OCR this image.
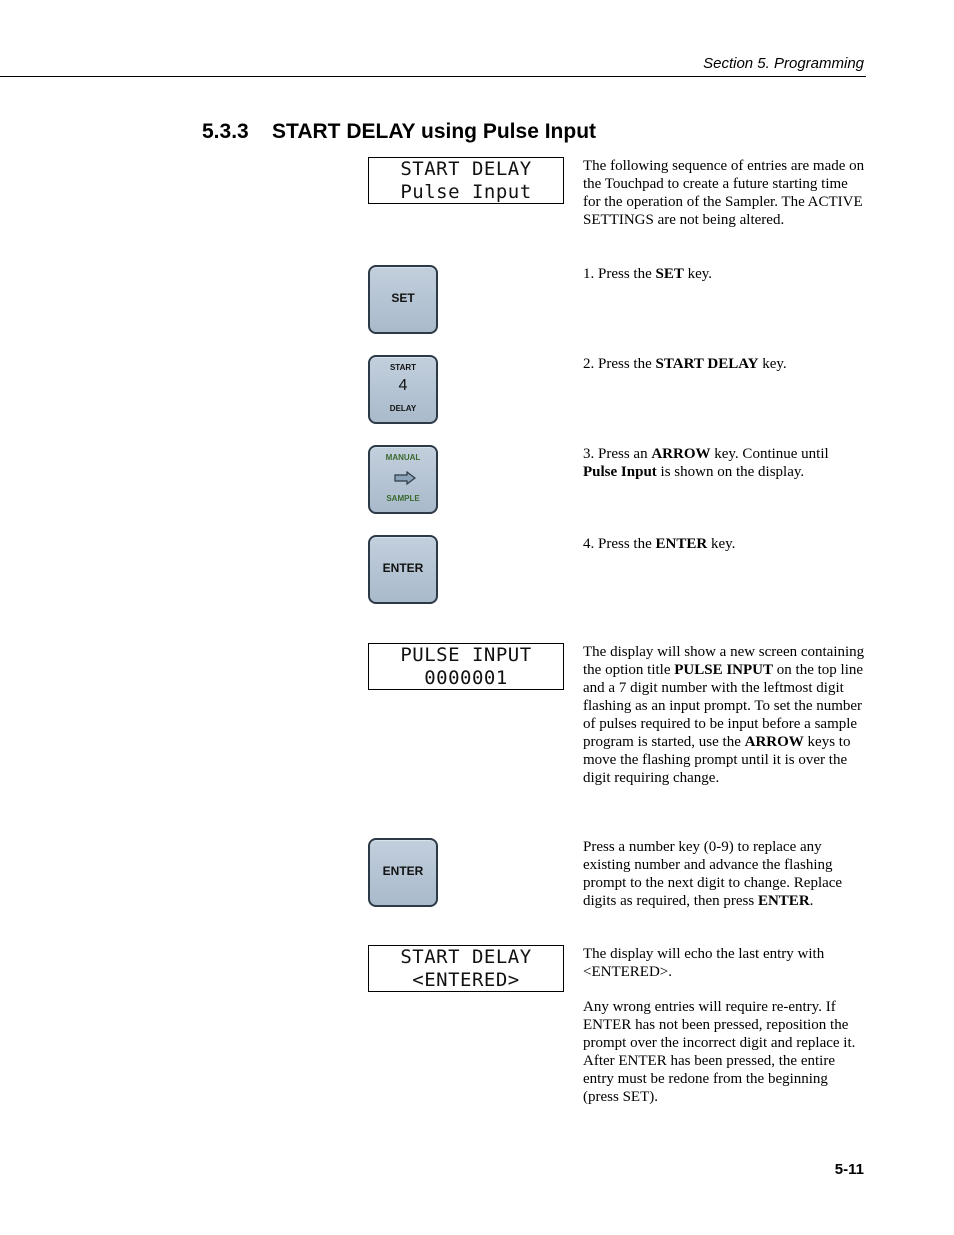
Section 5. Programming
5.3.3    START DELAY using Pulse Input
START DELAY
Pulse Input

The following sequence of entries are made on the Touchpad to create a future starting time for the operation of the Sampler. The ACTIVE SETTINGS are not being altered.

SET

1. Press the SET key.

START
4
DELAY

2. Press the START DELAY key.

MANUAL
SAMPLE

3. Press an ARROW key. Continue until Pulse Input is shown on the display.

ENTER

4. Press the ENTER key.

PULSE INPUT
0000001

The display will show a new screen containing the option title PULSE INPUT on the top line and a 7 digit number with the leftmost digit flashing as an input prompt. To set the number of pulses required to be input before a sample program is started, use the ARROW keys to move the flashing prompt until it is over the digit requiring change.

ENTER

Press a number key (0-9) to replace any existing number and advance the flashing prompt to the next digit to change. Replace digits as required, then press ENTER.

START DELAY
<ENTERED>

The display will echo the last entry with <ENTERED>.

Any wrong entries will require re-entry. If ENTER has not been pressed, reposition the prompt over the incorrect digit and replace it. After ENTER has been pressed, the entire entry must be redone from the beginning (press SET).

5-11
